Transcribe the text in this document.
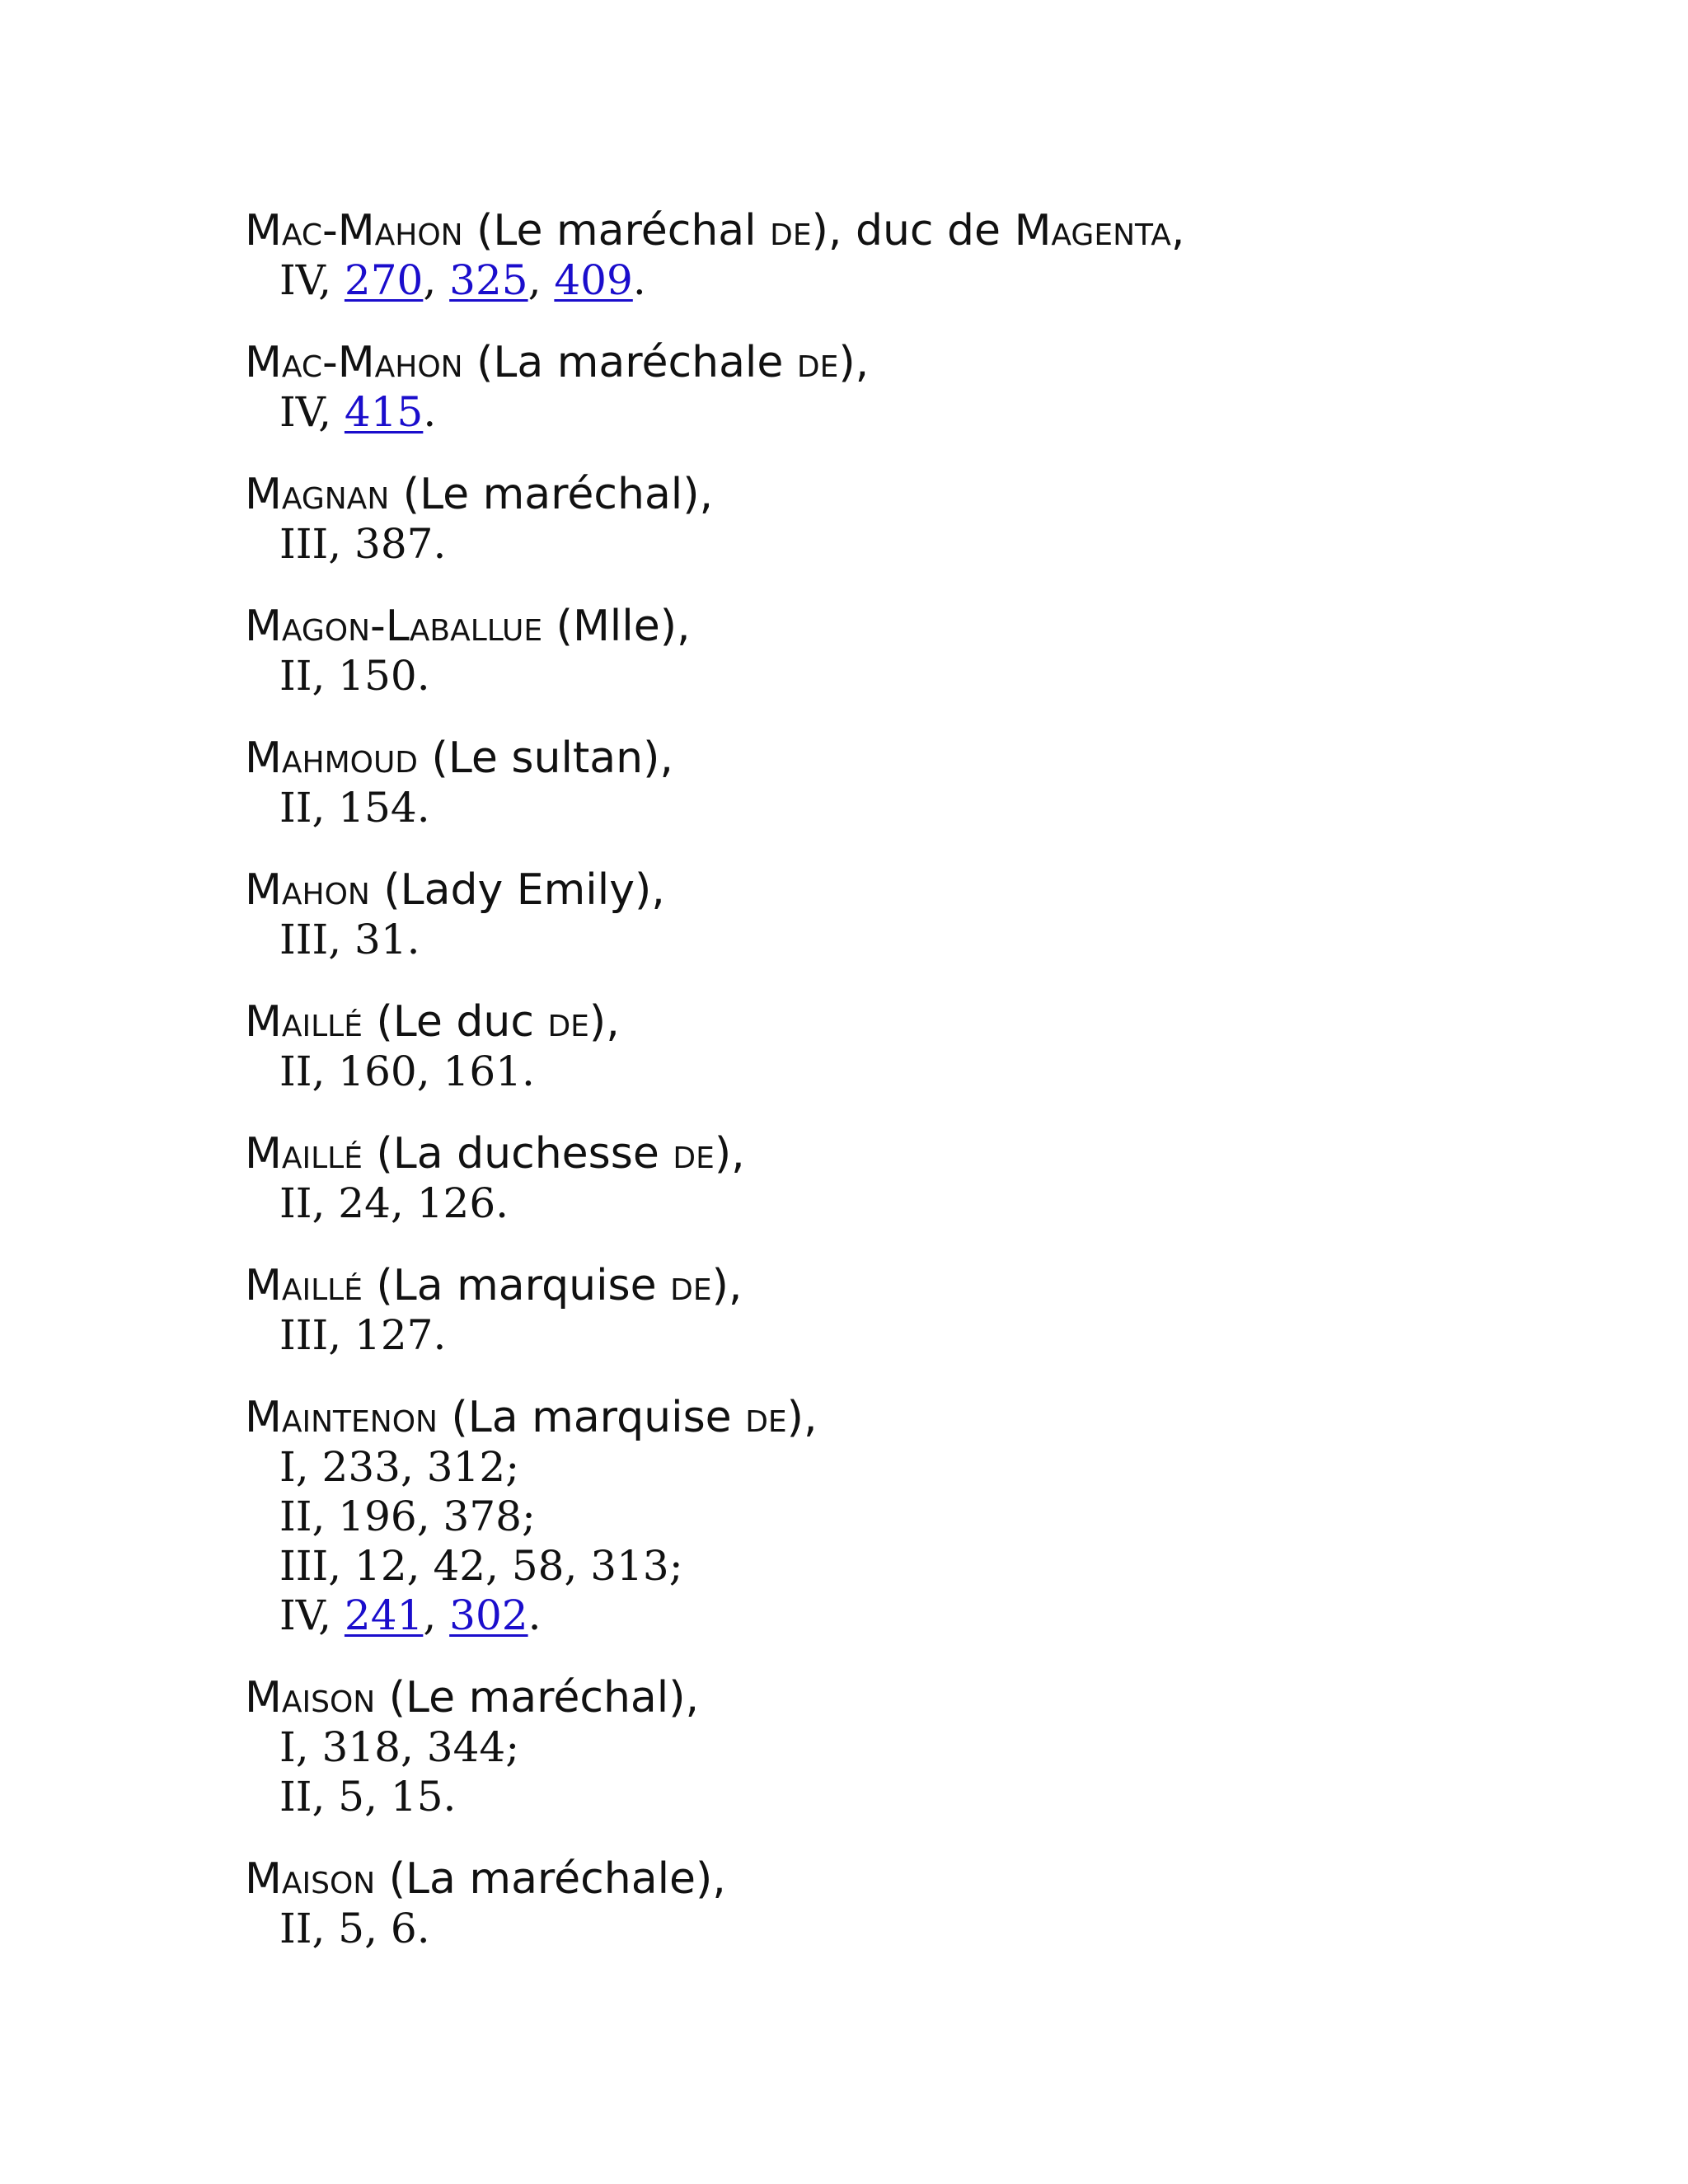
Mac-Mahon (Le maréchal de), duc de Magenta,
IV, 270, 325, 409.
Mac-Mahon (La maréchale de),
IV, 415.
Magnan (Le maréchal),
III, 387.
Magon-Laballue (Mlle),
II, 150.
Mahmoud (Le sultan),
II, 154.
Mahon (Lady Emily),
III, 31.
Maillé (Le duc de),
II, 160, 161.
Maillé (La duchesse de),
II, 24, 126.
Maillé (La marquise de),
III, 127.
Maintenon (La marquise de),
I, 233, 312;
II, 196, 378;
III, 12, 42, 58, 313;
IV, 241, 302.
Maison (Le maréchal),
I, 318, 344;
II, 5, 15.
Maison (La maréchale),
II, 5, 6.
